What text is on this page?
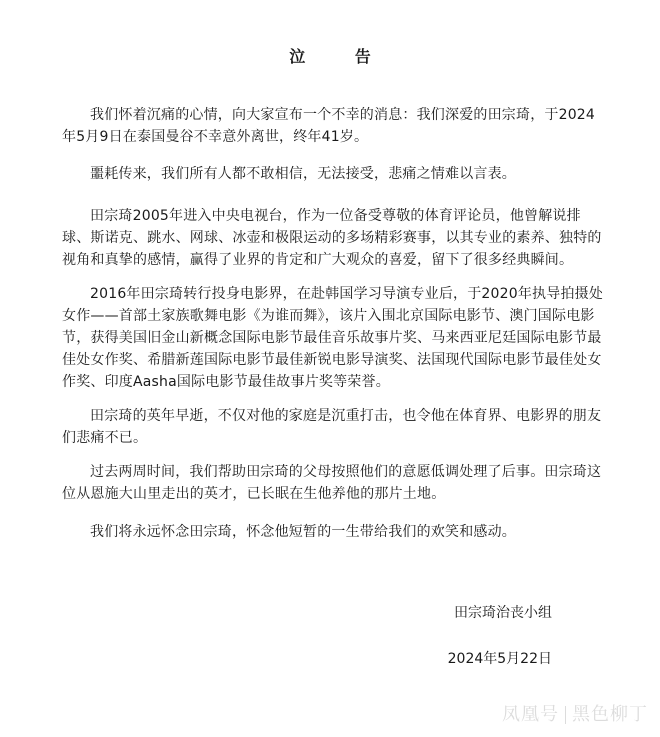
泣 告

我们怀着沉痛的心情，向大家宣布一个不幸的消息：我们深爱的田宗琦，于2024年5月9日在泰国曼谷不幸意外离世，终年41岁。

噩耗传来，我们所有人都不敢相信，无法接受，悲痛之情难以言表。

田宗琦2005年进入中央电视台，作为一位备受尊敬的体育评论员，他曾解说排球、斯诺克、跳水、网球、冰壶和极限运动的多场精彩赛事，以其专业的素养、独特的视角和真挚的感情，赢得了业界的肯定和广大观众的喜爱，留下了很多经典瞬间。

2016年田宗琦转行投身电影界，在赴韩国学习导演专业后，于2020年执导拍摄处女作——首部土家族歌舞电影《为谁而舞》，该片入围北京国际电影节、澳门国际电影节，获得美国旧金山新概念国际电影节最佳音乐故事片奖、马来西亚尼廷国际电影节最佳处女作奖、希腊新莲国际电影节最佳新锐电影导演奖、法国现代国际电影节最佳处女作奖、印度Aasha国际电影节最佳故事片奖等荣誉。

田宗琦的英年早逝，不仅对他的家庭是沉重打击，也令他在体育界、电影界的朋友们悲痛不已。

过去两周时间，我们帮助田宗琦的父母按照他们的意愿低调处理了后事。田宗琦这位从恩施大山里走出的英才，已长眠在生他养他的那片土地。

我们将永远怀念田宗琦，怀念他短暂的一生带给我们的欢笑和感动。

田宗琦治丧小组
2024年5月22日
凤凰号 黑色柳丁
